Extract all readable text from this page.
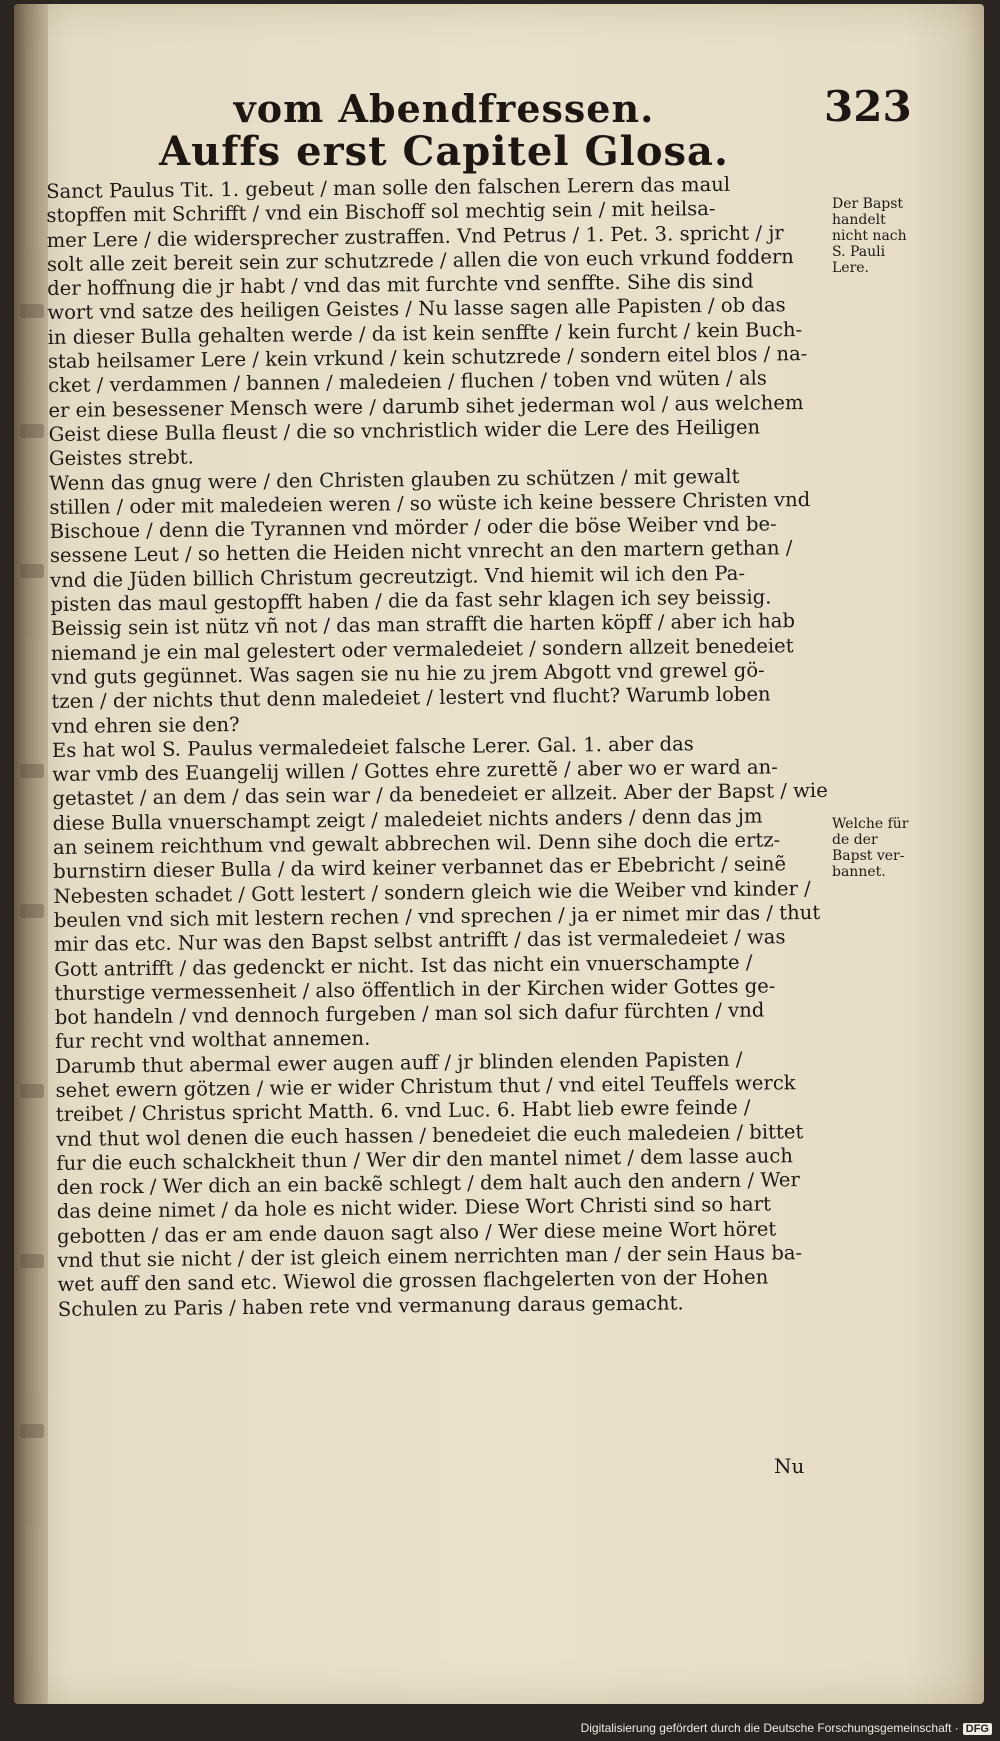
vom Abendfressen.	323
Auffs erst Capitel Glosa.
Sanct Paulus Tit. 1. gebeut / man solle den falschen Lerern das maul
stopffen mit Schrifft / vnd ein Bischoff sol mechtig sein / mit heilsa-
mer Lere / die widersprecher zustraffen. Vnd Petrus / 1. Pet. 3. spricht / jr
solt alle zeit bereit sein zur schutzrede / allen die von euch vrkund foddern
der hoffnung die jr habt / vnd das mit furchte vnd senfftе. Sihe dis sind
wort vnd satze des heiligen Geistes / Nu lasse sagen alle Papisten / ob das
in dieser Bulla gehalten werde / da ist kein senffte / kein furcht / kein Buch-
stab heilsamer Lere / kein vrkund / kein schutzrede / sondern eitel blos / na-
cket / verdammen / bannen / maledeien / fluchen / toben vnd wüten / als
er ein besessener Mensch were / darumb sihet jederman wol / aus welchem
Geist diese Bulla fleust / die so vnchristlich wider die Lere des Heiligen
Geistes strebt.
Wenn das gnug were / den Christen glauben zu schützen / mit gewalt
stillen / oder mit maledeien weren / so wüste ich keine bessere Christen vnd
Bischoue / denn die Tyrannen vnd mörder / oder die böse Weiber vnd be-
sessene Leut / so hetten die Heiden nicht vnrecht an den martern gethan /
vnd die Jüden billich Christum gecreutzigt. Vnd hiemit wil ich den Pa-
pisten das maul gestopfft haben / die da fast sehr klagen ich sey beissig.
Beissig sein ist nütz vñ not / das man strafft die harten köpff / aber ich hab
niemand je ein mal gelestert oder vermaledeiet / sondern allzeit benedeiet
vnd guts gegünnet. Was sagen sie nu hie zu jrem Abgott vnd grewel gö-
tzen / der nichts thut denn maledeiet / lestert vnd flucht? Warumb loben
vnd ehren sie den?
Es hat wol S. Paulus vermaledeiet falsche Lerer. Gal. 1. aber das
war vmb des Euangelij willen / Gottes ehre zurettẽ / aber wo er ward an-
getastet / an dem / das sein war / da benedeiet er allzeit. Aber der Bapst / wie
diese Bulla vnuerschampt zeigt / maledeiet nichts anders / denn das jm
an seinem reichthum vnd gewalt abbrechen wil. Denn sihe doch die ertz-
burnstirn dieser Bulla / da wird keiner verbannet das er Ebebricht / seinẽ
Nebesten schadet / Gott lestert / sondern gleich wie die Weiber vnd kinder /
beulen vnd sich mit lestern rechen / vnd sprechen / ja er nimet mir das / thut
mir das etc. Nur was den Bapst selbst antrifft / das ist vermaledeiet / was
Gott antrifft / das gedenckt er nicht. Ist das nicht ein vnuerschampte /
thurstige vermessenheit / also öffentlich in der Kirchen wider Gottes ge-
bot handeln / vnd dennoch furgeben / man sol sich dafur fürchten / vnd
fur recht vnd wolthat annemen.
Darumb thut abermal ewer augen auff / jr blinden elenden Papisten /
sehet ewern götzen / wie er wider Christum thut / vnd eitel Teuffels werck
treibet / Christus spricht Matth. 6. vnd Luc. 6. Habt lieb ewre feinde /
vnd thut wol denen die euch hassen / benedeiet die euch maledeien / bittet
fur die euch schalckheit thun / Wer dir den mantel nimet / dem lasse auch
den rock / Wer dich an ein backẽ schlegt / dem halt auch den andern / Wer
das deine nimet / da hole es nicht wider. Diese Wort Christi sind so hart
gebotten / das er am ende dauon sagt also / Wer diese meine Wort höret
vnd thut sie nicht / der ist gleich einem nerrichten man / der sein Haus ba-
wet auff den sand etc. Wiewol die grossen flachgelerten von der Hohen
Schulen zu Paris / haben rete vnd vermanung daraus gemacht.
Der Bapst
handelt
nicht nach
S. Pauli
Lere.
Welche für
de der
Bapst ver-
bannet.
Nu
Digitalisierung gefördert durch die Deutsche Forschungsgemeinschaft · DFG
